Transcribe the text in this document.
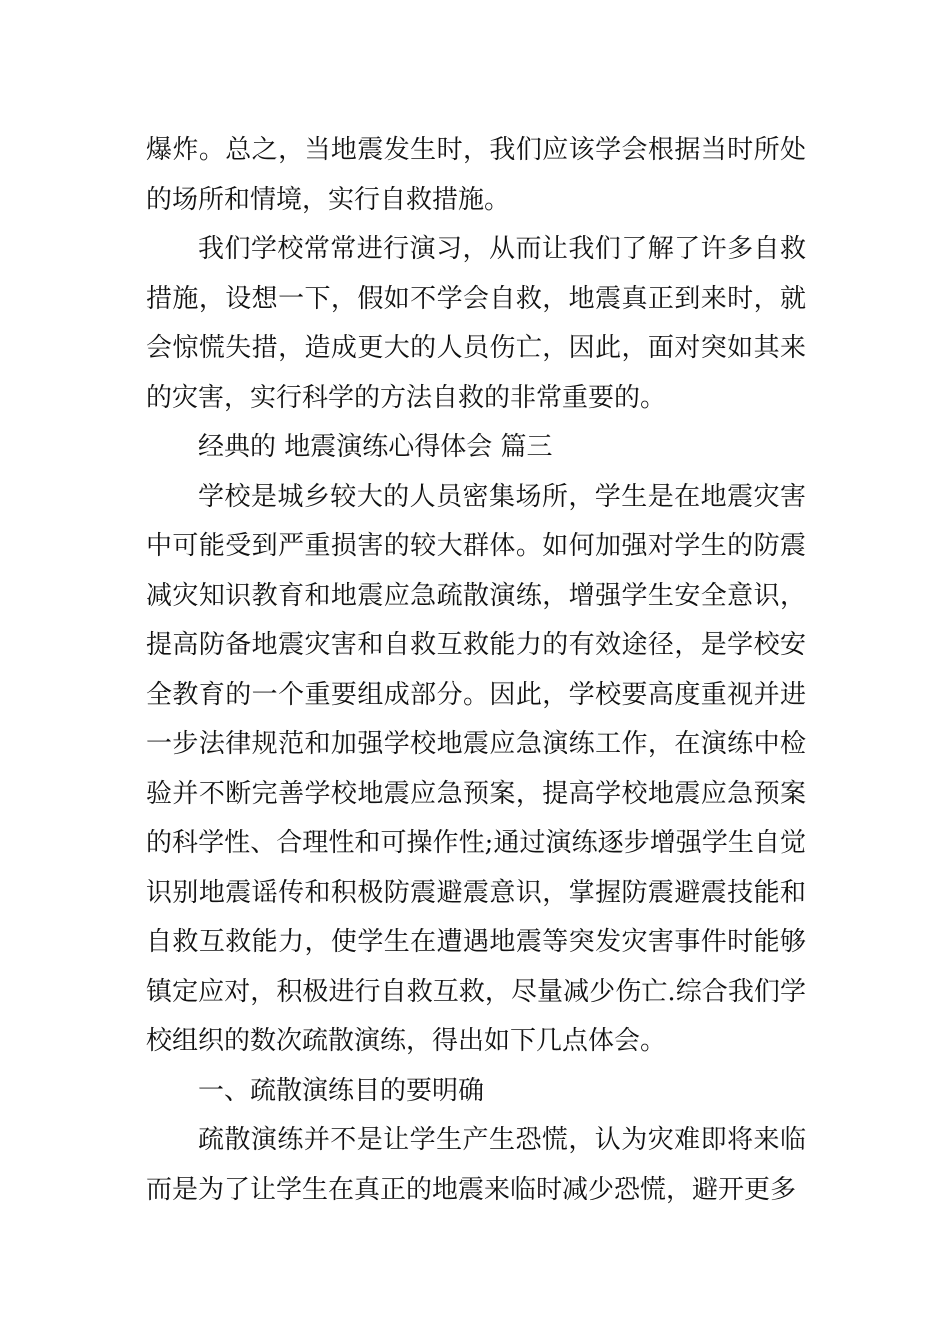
爆炸。总之，当地震发生时，我们应该学会根据当时所处的场所和情境，实行自救措施。

我们学校常常进行演习，从而让我们了解了许多自救措施，设想一下，假如不学会自救，地震真正到来时，就会惊慌失措，造成更大的人员伤亡，因此，面对突如其来的灾害，实行科学的方法自救的非常重要的。

经典的 地震演练心得体会 篇三

学校是城乡较大的人员密集场所，学生是在地震灾害中可能受到严重损害的较大群体。如何加强对学生的防震减灾知识教育和地震应急疏散演练，增强学生安全意识，提高防备地震灾害和自救互救能力的有效途径，是学校安全教育的一个重要组成部分。因此，学校要高度重视并进一步法律规范和加强学校地震应急演练工作，在演练中检验并不断完善学校地震应急预案，提高学校地震应急预案的科学性、合理性和可操作性;通过演练逐步增强学生自觉识别地震谣传和积极防震避震意识，掌握防震避震技能和自救互救能力，使学生在遭遇地震等突发灾害事件时能够镇定应对，积极进行自救互救，尽量减少伤亡.综合我们学校组织的数次疏散演练，得出如下几点体会。

一、疏散演练目的要明确

疏散演练并不是让学生产生恐慌，认为灾难即将来临而是为了让学生在真正的地震来临时减少恐慌，避开更多
